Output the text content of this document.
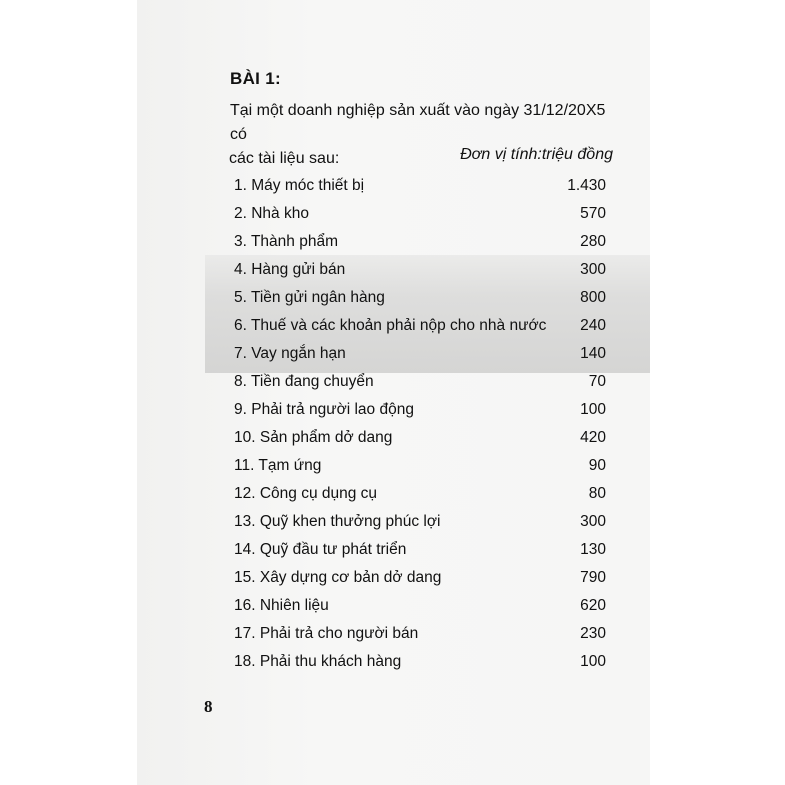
BÀI 1:
Tại một doanh nghiệp sản xuất vào ngày 31/12/20X5 có
các tài liệu sau:	Đơn vị tính:triệu đồng
1. Máy móc thiết bị	1.430
2. Nhà kho	570
3. Thành phẩm	280
4. Hàng gửi bán	300
5. Tiền gửi ngân hàng	800
6. Thuế và các khoản phải nộp cho nhà nước 240
7. Vay ngắn hạn	140
8. Tiền đang chuyển	70
9. Phải trả người lao động	100
10. Sản phẩm dở dang	420
11. Tạm ứng	90
12. Công cụ dụng cụ	80
13. Quỹ khen thưởng phúc lợi	300
14. Quỹ đầu tư phát triển	130
15. Xây dựng cơ bản dở dang	790
16. Nhiên liệu	620
17. Phải trả cho người bán	230
18. Phải thu khách hàng	100
8
